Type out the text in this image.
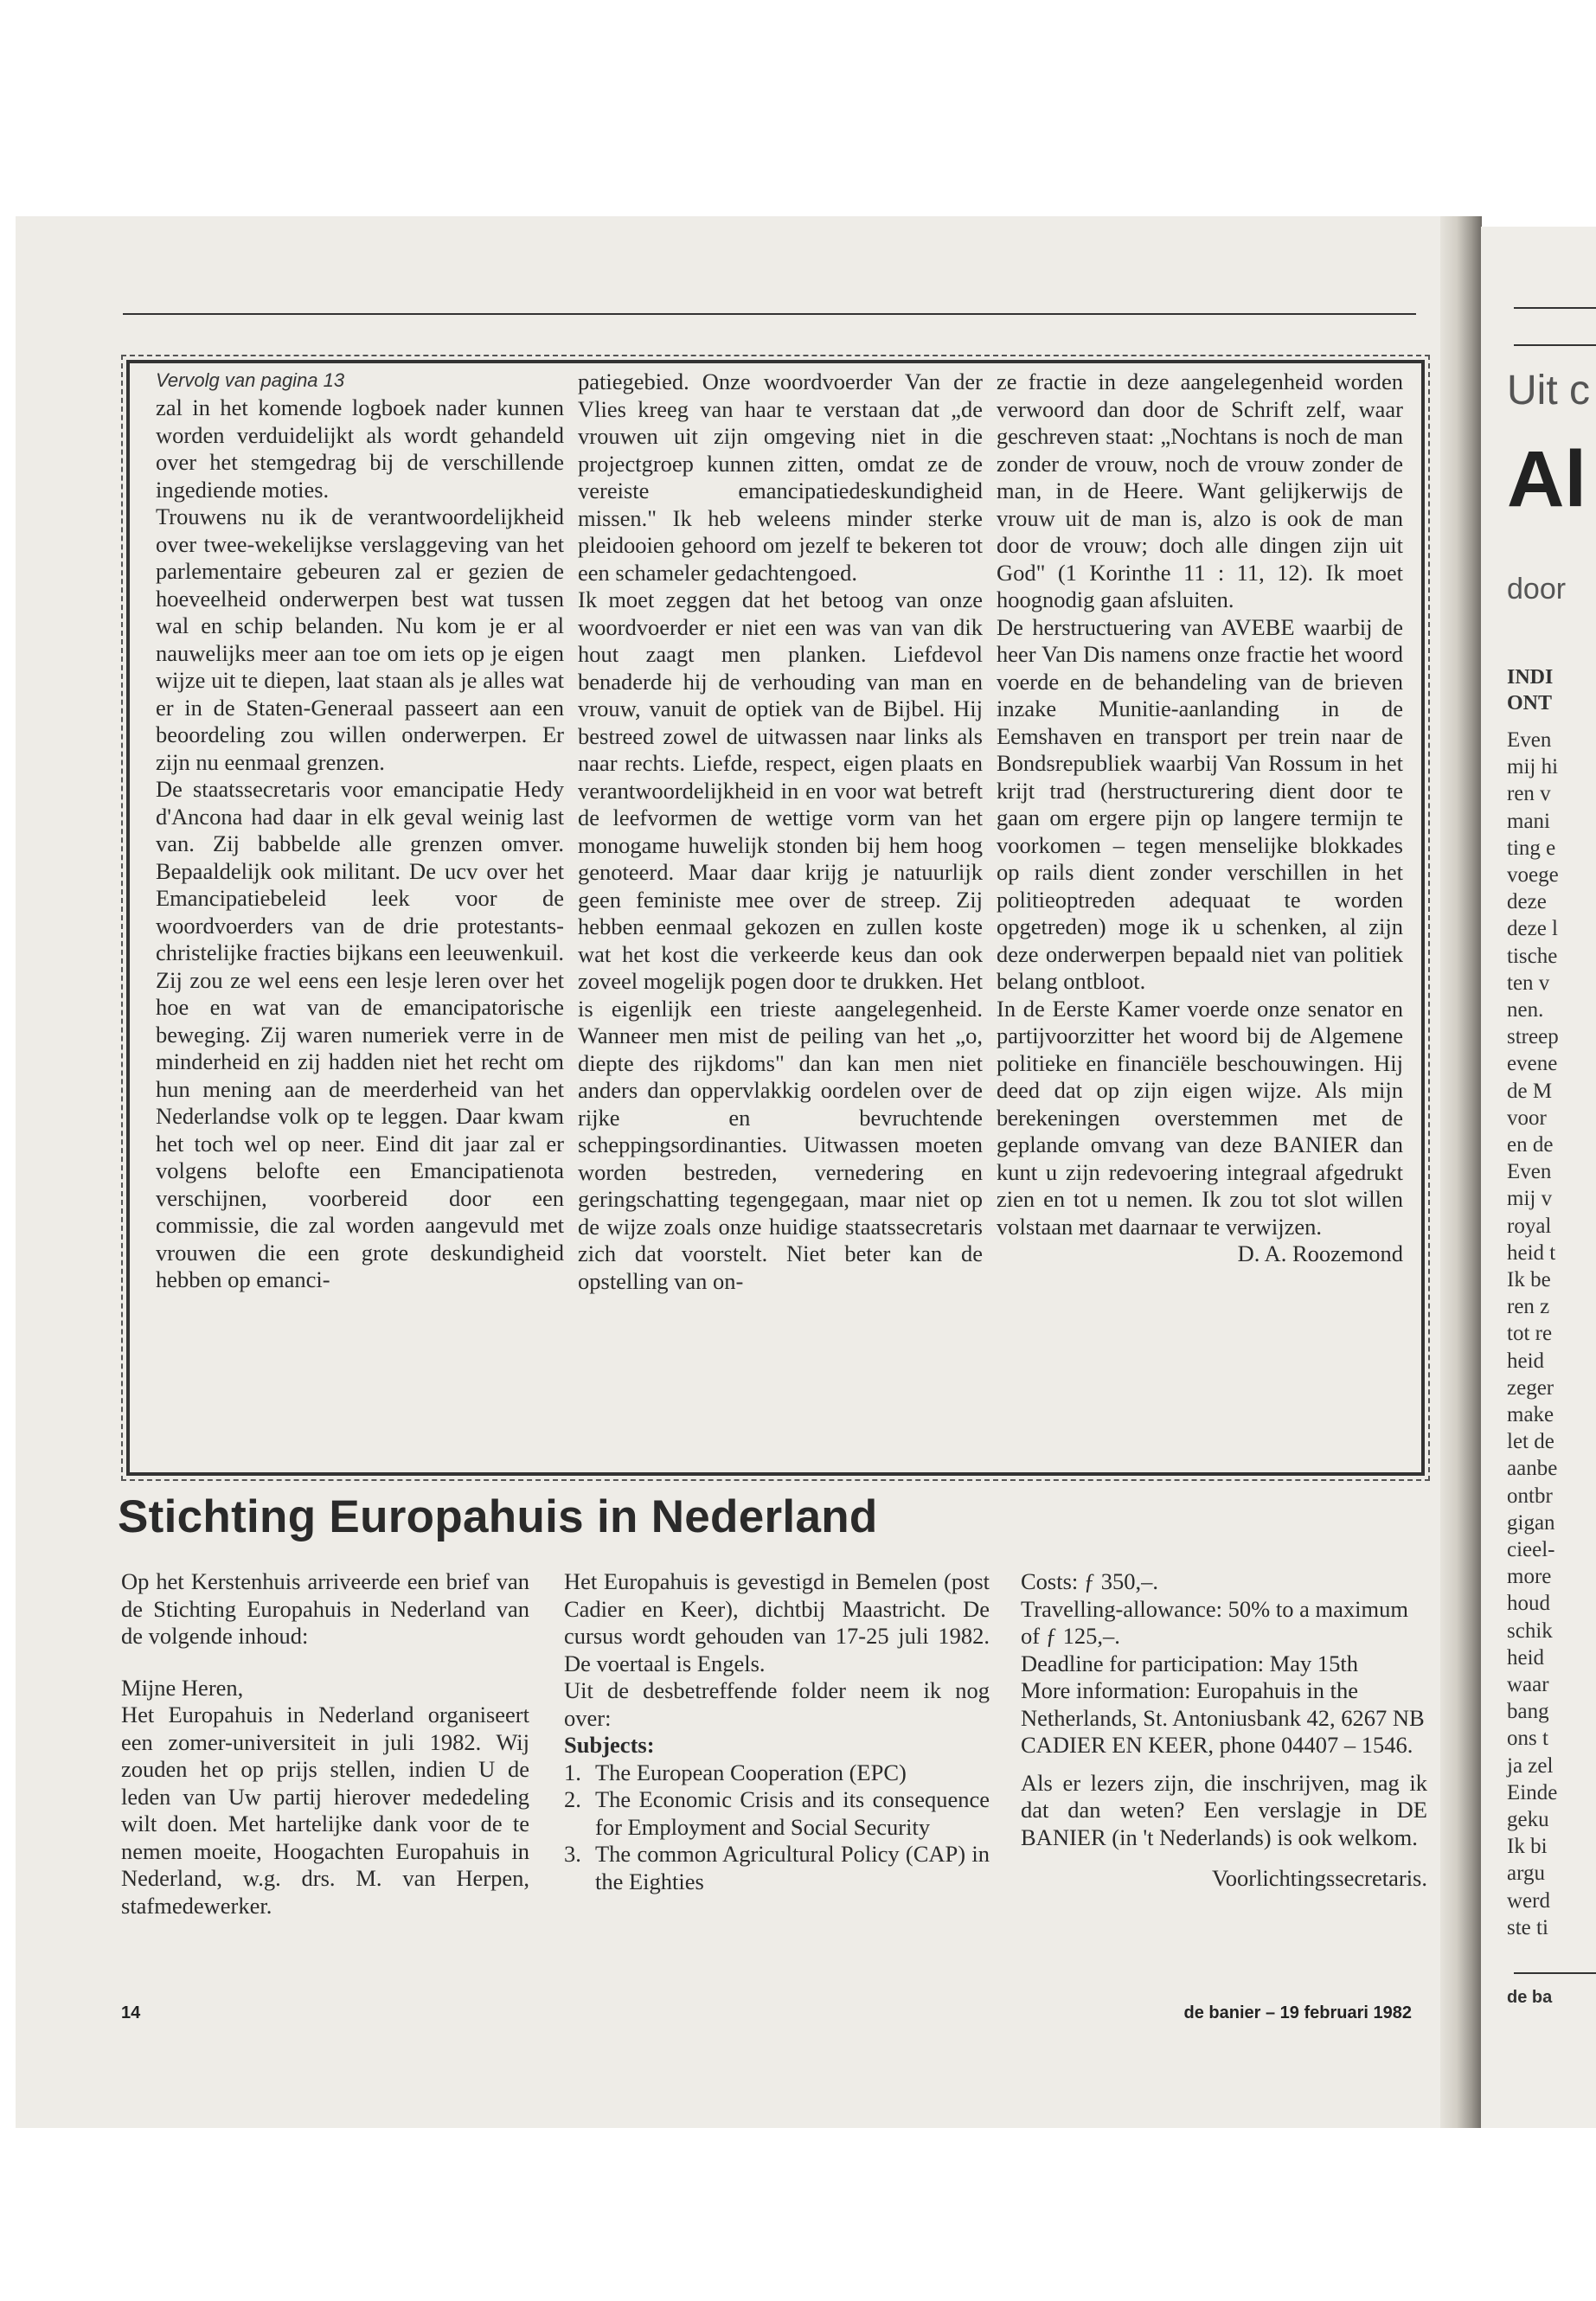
Vervolg van pagina 13

zal in het komende logboek nader kunnen worden verduidelijkt als wordt gehandeld over het stemgedrag bij de verschillende ingediende moties.

Trouwens nu ik de verantwoordelijkheid over twee-wekelijkse verslaggeving van het parlementaire gebeuren zal er gezien de hoeveelheid onderwerpen best wat tussen wal en schip belanden. Nu kom je er al nauwelijks meer aan toe om iets op je eigen wijze uit te diepen, laat staan als je alles wat er in de Staten-Generaal passeert aan een beoordeling zou willen onderwerpen. Er zijn nu eenmaal grenzen.

De staatssecretaris voor emancipatie Hedy d'Ancona had daar in elk geval weinig last van. Zij babbelde alle grenzen omver. Bepaaldelijk ook militant. De ucv over het Emancipatiebeleid leek voor de woordvoerders van de drie protestants-christelijke fracties bijkans een leeuwenkuil. Zij zou ze wel eens een lesje leren over het hoe en wat van de emancipatorische beweging. Zij waren numeriek verre in de minderheid en zij hadden niet het recht om hun mening aan de meerderheid van het Nederlandse volk op te leggen. Daar kwam het toch wel op neer. Eind dit jaar zal er volgens belofte een Emancipatienota verschijnen, voorbereid door een commissie, die zal worden aangevuld met vrouwen die een grote deskundigheid hebben op emanci-

patiegebied. Onze woordvoerder Van der Vlies kreeg van haar te verstaan dat „de vrouwen uit zijn omgeving niet in die projectgroep kunnen zitten, omdat ze de vereiste emancipatiedeskundigheid missen." Ik heb weleens minder sterke pleidooien gehoord om jezelf te bekeren tot een schameler gedachtengoed.

Ik moet zeggen dat het betoog van onze woordvoerder er niet een was van van dik hout zaagt men planken. Liefdevol benaderde hij de verhouding van man en vrouw, vanuit de optiek van de Bijbel. Hij bestreed zowel de uitwassen naar links als naar rechts. Liefde, respect, eigen plaats en verantwoordelijkheid in en voor wat betreft de leefvormen de wettige vorm van het monogame huwelijk stonden bij hem hoog genoteerd. Maar daar krijg je natuurlijk geen feministe mee over de streep. Zij hebben eenmaal gekozen en zullen koste wat het kost die verkeerde keus dan ook zoveel mogelijk pogen door te drukken. Het is eigenlijk een trieste aangelegenheid. Wanneer men mist de peiling van het „o, diepte des rijkdoms" dan kan men niet anders dan oppervlakkig oordelen over de rijke en bevruchtende scheppingsordinanties. Uitwassen moeten worden bestreden, vernedering en geringschatting tegengegaan, maar niet op de wijze zoals onze huidige staatssecretaris zich dat voorstelt. Niet beter kan de opstelling van on-

ze fractie in deze aangelegenheid worden verwoord dan door de Schrift zelf, waar geschreven staat: „Nochtans is noch de man zonder de vrouw, noch de vrouw zonder de man, in de Heere. Want gelijkerwijs de vrouw uit de man is, alzo is ook de man door de vrouw; doch alle dingen zijn uit God" (1 Korinthe 11 : 11, 12). Ik moet hoognodig gaan afsluiten.

De herstructuering van AVEBE waarbij de heer Van Dis namens onze fractie het woord voerde en de behandeling van de brieven inzake Munitie-aanlanding in de Eemshaven en transport per trein naar de Bondsrepubliek waarbij Van Rossum in het krijt trad (herstructurering dient door te gaan om ergere pijn op langere termijn te voorkomen – tegen menselijke blokkades op rails dient zonder verschillen in het politieoptreden adequaat te worden opgetreden) moge ik u schenken, al zijn deze onderwerpen bepaald niet van politiek belang ontbloot.

In de Eerste Kamer voerde onze senator en partijvoorzitter het woord bij de Algemene politieke en financiële beschouwingen. Hij deed dat op zijn eigen wijze. Als mijn berekeningen overstemmen met de geplande omvang van deze BANIER dan kunt u zijn redevoering integraal afgedrukt zien en tot u nemen. Ik zou tot slot willen volstaan met daarnaar te verwijzen.

D. A. Roozemond

Stichting Europahuis in Nederland

Op het Kerstenhuis arriveerde een brief van de Stichting Europahuis in Nederland van de volgende inhoud:

Mijne Heren,

Het Europahuis in Nederland organiseert een zomer-universiteit in juli 1982. Wij zouden het op prijs stellen, indien U de leden van Uw partij hierover mededeling wilt doen. Met hartelijke dank voor de te nemen moeite, Hoogachten Europahuis in Nederland, w.g. drs. M. van Herpen, stafmedewerker.

Het Europahuis is gevestigd in Bemelen (post Cadier en Keer), dichtbij Maastricht. De cursus wordt gehouden van 17-25 juli 1982. De voertaal is Engels.

Uit de desbetreffende folder neem ik nog over:

Subjects:

1. The European Cooperation (EPC)
2. The Economic Crisis and its consequence for Employment and Social Security
3. The common Agricultural Policy (CAP) in the Eighties

Costs: ƒ 350,–.

Travelling-allowance: 50% to a maximum of ƒ 125,–.

Deadline for participation: May 15th

More information: Europahuis in the Netherlands, St. Antoniusbank 42, 6267 NB CADIER EN KEER, phone 04407 – 1546.

Als er lezers zijn, die inschrijven, mag ik dat dan weten? Een verslagje in DE BANIER (in 't Nederlands) is ook welkom.

Voorlichtingssecretaris.

14	de banier – 19 februari 1982
Uit c
Al
door
INDI
ONT
Even
mij hi
ren v
mani
ting e
voege
deze
deze l
tische
ten v
nen.
streep
evene
de M
voor
en de
Even
mij v
royal
heid t
Ik be
ren z
tot re
heid
zeger
make
let de
aanbe
ontbr
gigan
cieel-
more
houd
schik
heid
waar
bang
ons t
ja zel
Einde
geku
Ik bi
argu
werd
ste ti
de ba
